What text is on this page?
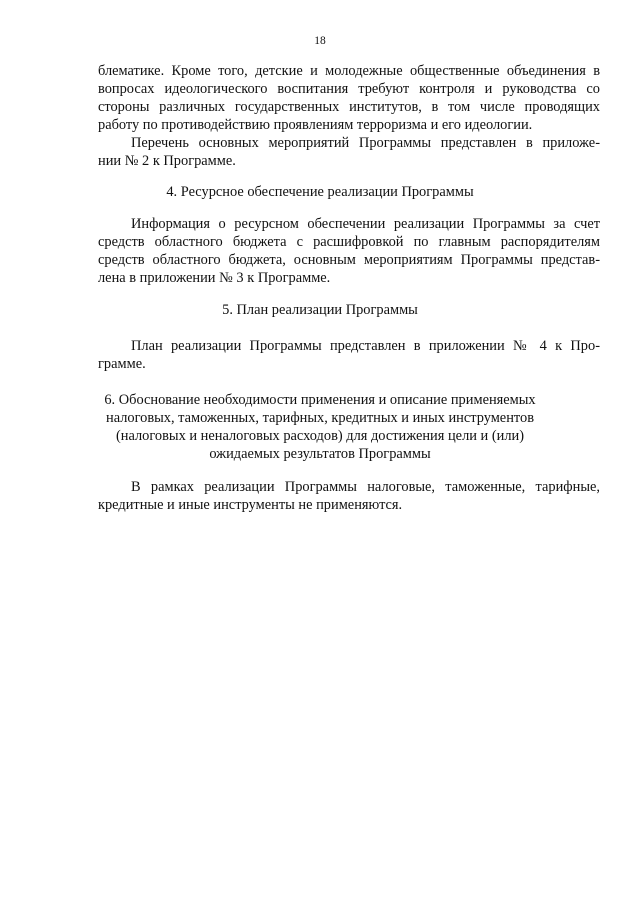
18
блематике. Кроме того, детские и молодежные общественные объединения в
вопросах идеологического воспитания требуют контроля и руководства со
стороны различных государственных институтов, в том числе проводящих
работу по противодействию проявлениям терроризма и его идеологии.
Перечень основных мероприятий Программы представлен в приложе-
нии № 2 к Программе.
4. Ресурсное обеспечение реализации Программы
Информация о ресурсном обеспечении реализации Программы за счет
средств областного бюджета с расшифровкой по главным распорядителям
средств областного бюджета, основным мероприятиям Программы представ-
лена в приложении № 3 к Программе.
5. План реализации Программы
План реализации Программы представлен в приложении № 4 к Про-
грамме.
6. Обоснование необходимости применения и описание применяемых
налоговых, таможенных, тарифных, кредитных и иных инструментов
(налоговых и неналоговых расходов) для достижения цели и (или)
ожидаемых результатов Программы
В рамках реализации Программы налоговые, таможенные, тарифные,
кредитные и иные инструменты не применяются.
